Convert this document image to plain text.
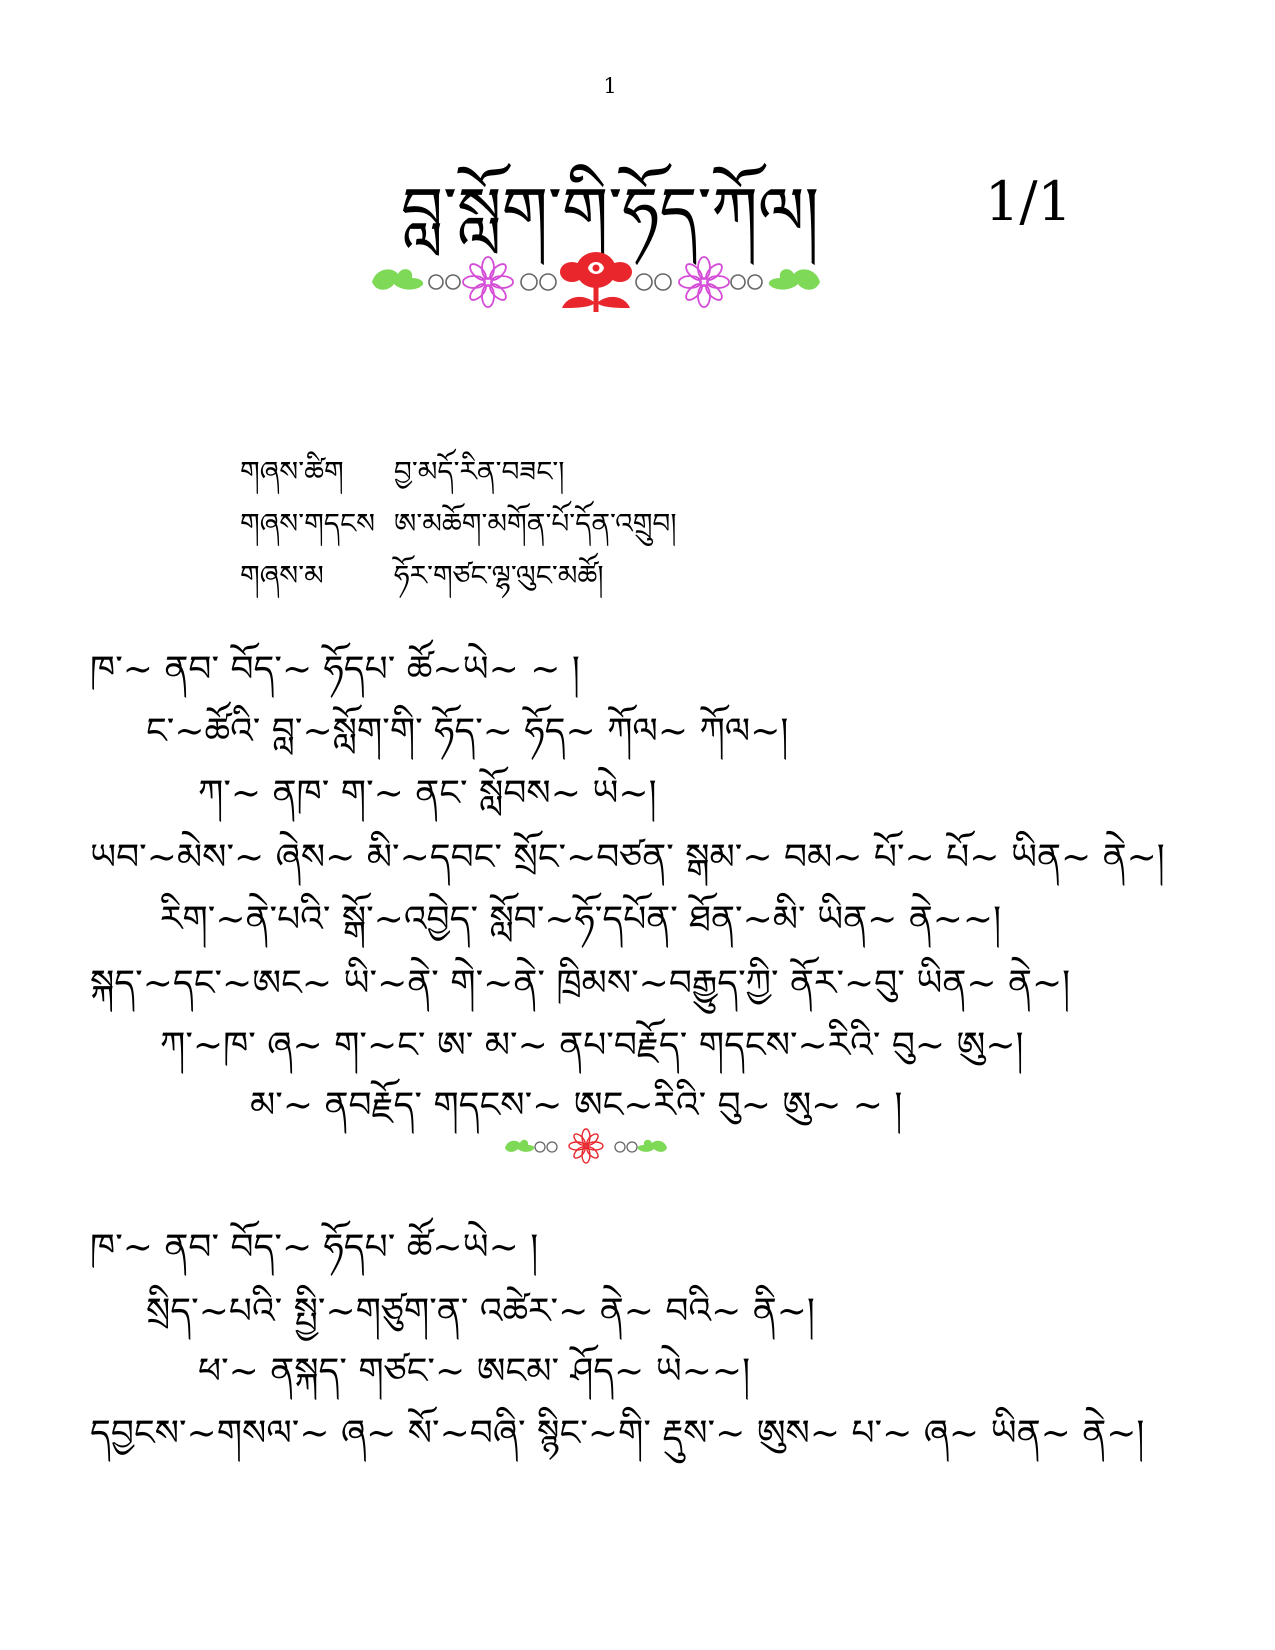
1
བླ་སློག་གི་ཧོད་ཀོལ།	1/1
གཞས་ཚིག བྱ་མདོ་རིན་བཟང་།
གཞས་གདངས ཨ་མཆོག་མགོན་པོ་དོན་འགྲུབ།
གཞས་མ	ཧོར་གཙང་ལྷ་ལུང་མཚོ།
ཁ་~ ནབ་ བོད་~ ཧོདཔ་ ཚོ~ཡེ~ ~ །
ང་~ཚོའི་ བླ་~སློག་གི་ ཧོད་~ ཧོད~ ཀོལ~ ཀོལ~།
ཀ་~ ནཁ་ ག་~ ནང་ སློབས~ ཡེ~།
ཡབ་~མེས་~ ཞེས~ མི་~དབང་ སྲོང་~བཙན་ སྒམ་~ བམ~ པོ་~ པོ~ ཡིན~ ནེ~།
རིག་~ནེ་པའི་ སྒོ་~འབྱེད་ སློབ་~ཧོ་དཔོན་ ཐོན་~མི་ ཡིན~ ནེ~~།
སྐད་~དང་~ཨང~ ཡི་~ནེ་ གེ་~ནེ་ ཁྲིམས་~བརྒྱུད་ཀྱི་ ནོར་~བུ་ ཡིན~ ནེ~།
ཀ་~ཁ་ ཞ~ ག་~ང་ ཨ་ མ་~ ནཔ་བརྗོད་ གདངས་~རིའི་ བུ~ ཨུ~།
མ་~ ནབརྗོད་ གདངས་~ ཨང~རིའི་ བུ~ ཨུ~ ~ །
ཁ་~ ནབ་ བོད་~ ཧོདཔ་ ཚོ~ཡེ~ །
སྲིད་~པའི་ སྤྱི་~གཙུག་ན་ འཚེར་~ ནེ~ བའི~ ནི~།
ཕ་~ ནསྐད་ གཙང་~ ཨངམ་ ཤོད~ ཡེ~~།
དབྱངས་~གསལ་~ ཞ~ སོ་~བཞི་ སྙིང་~གི་ རྡུས་~ ཨུས~ པ་~ ཞ~ ཡིན~ ནེ~།
